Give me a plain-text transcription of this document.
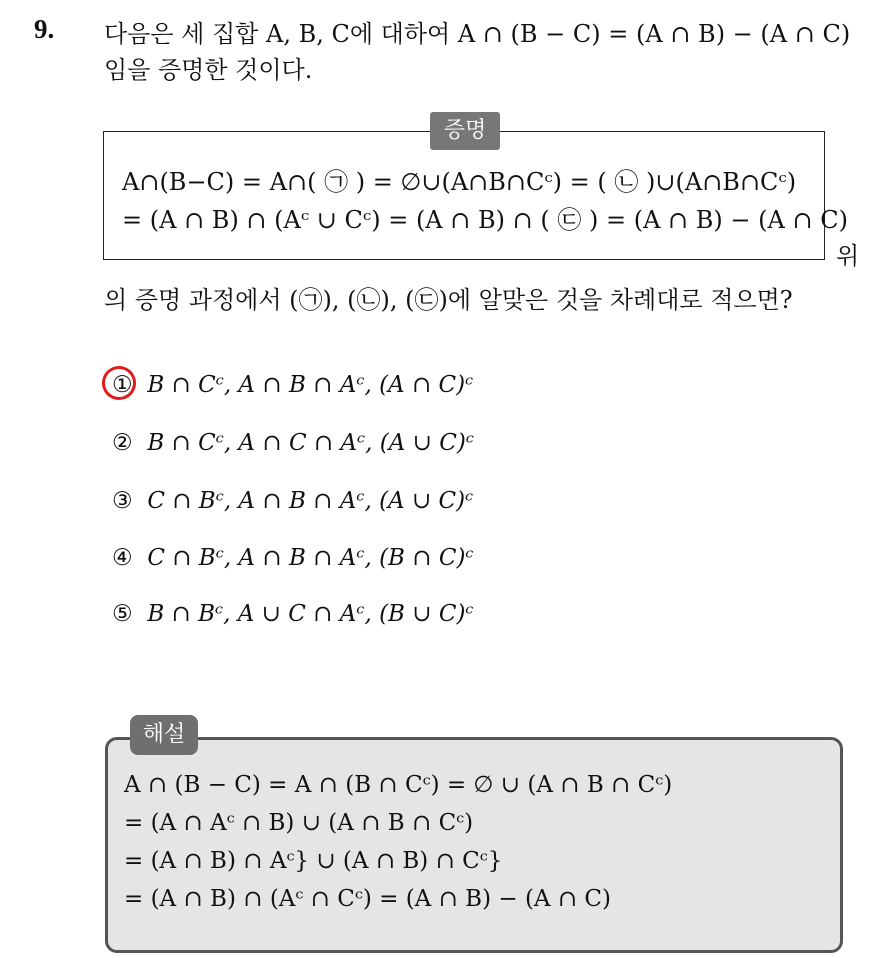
9. 다음은 세 집합 A, B, C에 대하여 A ∩ (B − C) = (A ∩ B) − (A ∩ C)
임을 증명한 것이다.
증명
A∩(B−C) = A∩( ㉠ ) = ∅∪(A∩B∩Cᶜ) = ( ㉡ )∪(A∩B∩Cᶜ)
= (A ∩ B) ∩ (Aᶜ ∪ Cᶜ) = (A ∩ B) ∩ ( ㉢ ) = (A ∩ B) − (A ∩ C)
위
의 증명 과정에서 (㉠), (㉡), (㉢)에 알맞은 것을 차례대로 적으면?
① B ∩ Cᶜ, A ∩ B ∩ Aᶜ, (A ∩ C)ᶜ
② B ∩ Cᶜ, A ∩ C ∩ Aᶜ, (A ∪ C)ᶜ
③ C ∩ Bᶜ, A ∩ B ∩ Aᶜ, (A ∪ C)ᶜ
④ C ∩ Bᶜ, A ∩ B ∩ Aᶜ, (B ∩ C)ᶜ
⑤ B ∩ Bᶜ, A ∪ C ∩ Aᶜ, (B ∪ C)ᶜ
해설
A ∩ (B − C) = A ∩ (B ∩ Cᶜ) = ∅ ∪ (A ∩ B ∩ Cᶜ)
= (A ∩ Aᶜ ∩ B) ∪ (A ∩ B ∩ Cᶜ)
= (A ∩ B) ∩ Aᶜ} ∪ (A ∩ B) ∩ Cᶜ}
= (A ∩ B) ∩ (Aᶜ ∩ Cᶜ) = (A ∩ B) − (A ∩ C)
